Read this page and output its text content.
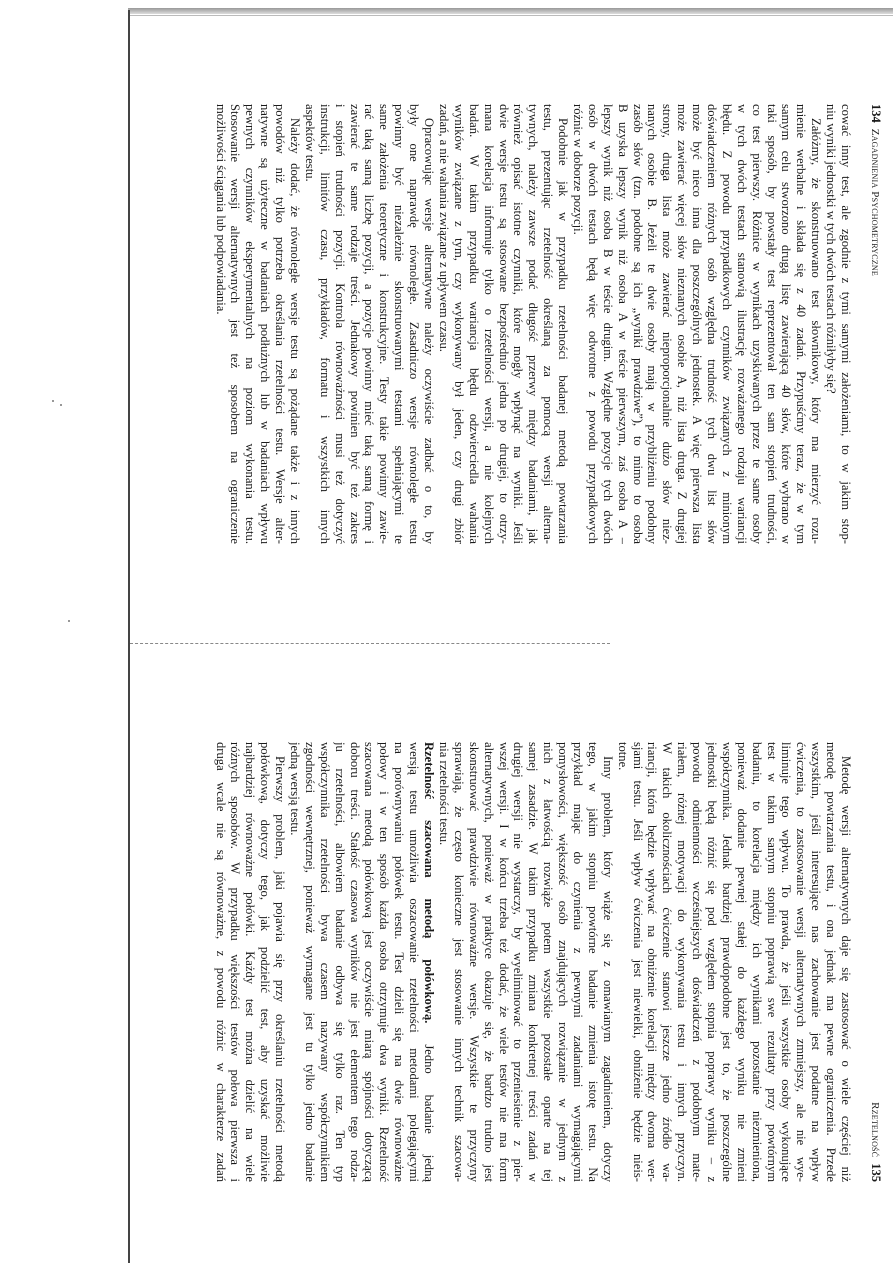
134Zagadnienia Psychometryczne
cować inny test, ale zgodnie z tymi samymi założeniami, to w jakim stop-
niu wyniki jednostki w tych dwóch testach różniłyby się?
Załóżmy, że skonstruowano test słownikowy, który ma mierzyć rozu-
mienie werbalne i składa się z 40 zadań. Przypuśćmy teraz, że w tym
samym celu stworzono drugą listę zawierającą 40 słów, które wybrano w
taki sposób, by powstały test reprezentował ten sam stopień trudności,
co test pierwszy. Różnice w wynikach uzyskiwanych przez te same osoby
w tych dwóch testach stanowią ilustrację rozważanego rodzaju wariancji
błędu. Z powodu przypadkowych czynników związanych z minionym
doświadczeniem różnych osób względna trudność tych dwu list słów
może być nieco inna dla poszczególnych jednostek. A więc pierwsza lista
może zawierać więcej słów nieznanych osobie A, niż lista druga. Z drugiej
strony, druga lista może zawierać nieproporcjonalnie dużo słów niez-
nanych osobie B. Jeżeli te dwie osoby mają w przybliżeniu podobny
zasób słów (tzn. podobne są ich „wyniki prawdziwe”), to mimo to osoba
B uzyska lepszy wynik niż osoba A w teście pierwszym, zaś osoba A –
lepszy wynik niż osoba B w teście drugim. Względne pozycje tych dwóch
osób w dwóch testach będą więc odwrotne z powodu przypadkowych
różnic w doborze pozycji.
Podobnie jak w przypadku rzetelności badanej metodą powtarzania
testu, prezentując rzetelność określaną za pomocą wersji alterna-
tywnych, należy zawsze podać długość przerwy między badaniami, jak
również opisać istotne czynniki, które mogły wpłynąć na wyniki. Jeśli
dwie wersje testu są stosowane bezpośrednio jedna po drugiej, to otrzy-
mana korelacja informuje tylko o rzetelności wersji, a nie kolejnych
badań. W takim przypadku wariancja błędu odzwierciedla wahania
wyników związane z tym, czy wykonywany był jeden, czy drugi zbiór
zadań, a nie wahania związane z upływem czasu.
Opracowując wersje alternatywne należy oczywiście zadbać o to, by
były one naprawdę równoległe. Zasadniczo wersje równoległe testu
powinny być niezależnie skonstruowanymi testami spełniającymi te
same założenia teoretyczne i konstrukcyjne. Testy takie powinny zawie-
rać taką samą liczbę pozycji, a pozycje powinny mieć taką samą formę i
zawierać te same rodzaje treści. Jednakowy powinien być też zakres
i stopień trudności pozycji. Kontrola równoważności musi też dotyczyć
instrukcji, limitów czasu, przykładów, formatu i wszystkich innych
aspektów testu.
Należy dodać, że równoległe wersje testu są pożądane także i z innych
powodów niż tylko potrzeba określania rzetelności testu. Wersje alter-
natywne są użyteczne w badaniach podłużnych lub w badaniach wpływu
pewnych czynników eksperymentalnych na poziom wykonania testu.
Stosowanie wersji alternatywnych jest też sposobem na ograniczenie
możliwości ściągania lub podpowiadania.
Rzetelność135
Metodę wersji alternatywnych daje się zastosować o wiele częściej niż
metodę powtarzania testu, i ona jednak ma pewne ograniczenia. Przede
wszystkim, jeśli interesujące nas zachowanie jest podatne na wpływ
ćwiczenia, to zastosowanie wersji alternatywnych zmniejszy, ale nie wye-
liminuje tego wpływu. To prawda, że jeśli wszystkie osoby wykonujące
test w takim samym stopniu poprawią swe rezultaty przy powtórnym
badaniu, to korelacja między ich wynikami pozostanie niezmieniona,
ponieważ dodanie pewnej stałej do każdego wyniku nie zmieni
współczynnika. Jednak bardziej prawdopodobne jest to, że poszczególne
jednostki będą różnić się pod względem stopnia poprawy wyniku – z
powodu odmienności wcześniejszych doświadczeń z podobnym mate-
riałem, różnej motywacji do wykonywania testu i innych przyczyn.
W takich okolicznościach ćwiczenie stanowi jeszcze jedno źródło wa-
riancji, która będzie wpływać na obniżenie korelacji między dwoma wer-
sjami testu. Jeśli wpływ ćwiczenia jest niewielki, obniżenie będzie nieis-
totne.
Inny problem, który wiąże się z omawianym zagadnieniem, dotyczy
tego, w jakim stopniu powtórne badanie zmienia istotę testu. Na
przykład mając do czynienia z pewnymi zadaniami wymagającymi
pomysłowości, większość osób znajdujących rozwiązanie w jednym z
nich z łatwością rozwiąże potem wszystkie pozostałe oparte na tej
samej zasadzie. W takim przypadku zmiana konkretnej treści zadań w
drugiej wersji nie wystarczy, by wyeliminować to przeniesienie z pier-
wszej wersji. I w końcu trzeba też dodać, że wiele testów nie ma form
alternatywnych, ponieważ w praktyce okazuje się, że bardzo trudno jest
skonstruować prawdziwie równoważne wersje. Wszystkie te przyczyny
sprawiają, że często konieczne jest stosowanie innych technik szacowa-
nia rzetelności testu.
Rzetelność szacowana metodą połówkową. Jedno badanie jedną
wersją testu umożliwia oszacowanie rzetelności metodami polegającymi
na porównywaniu połówek testu. Test dzieli się na dwie równoważne
połowy i w ten sposób każda osoba otrzymuje dwa wyniki. Rzetelność
szacowana metodą połówkową jest oczywiście miarą spójności dotyczącą
doboru treści. Stałość czasowa wyników nie jest elementem tego rodza-
ju rzetelności, albowiem badanie odbywa się tylko raz. Ten typ
współczynnika rzetelności bywa czasem nazywany współczynnikiem
zgodności wewnętrznej, ponieważ wymagane jest tu tylko jedno badanie
jedną wersją testu.
Pierwszy problem, jaki pojawia się przy określaniu rzetelności metodą
połówkową, dotyczy tego, jak podzielić test, aby uzyskać możliwie
najbardziej równoważne połówki. Każdy test można dzielić na wiele
różnych sposobów. W przypadku większości testów połowa pierwsza i
druga wcale nie są równoważne, z powodu różnic w charakterze zadań
